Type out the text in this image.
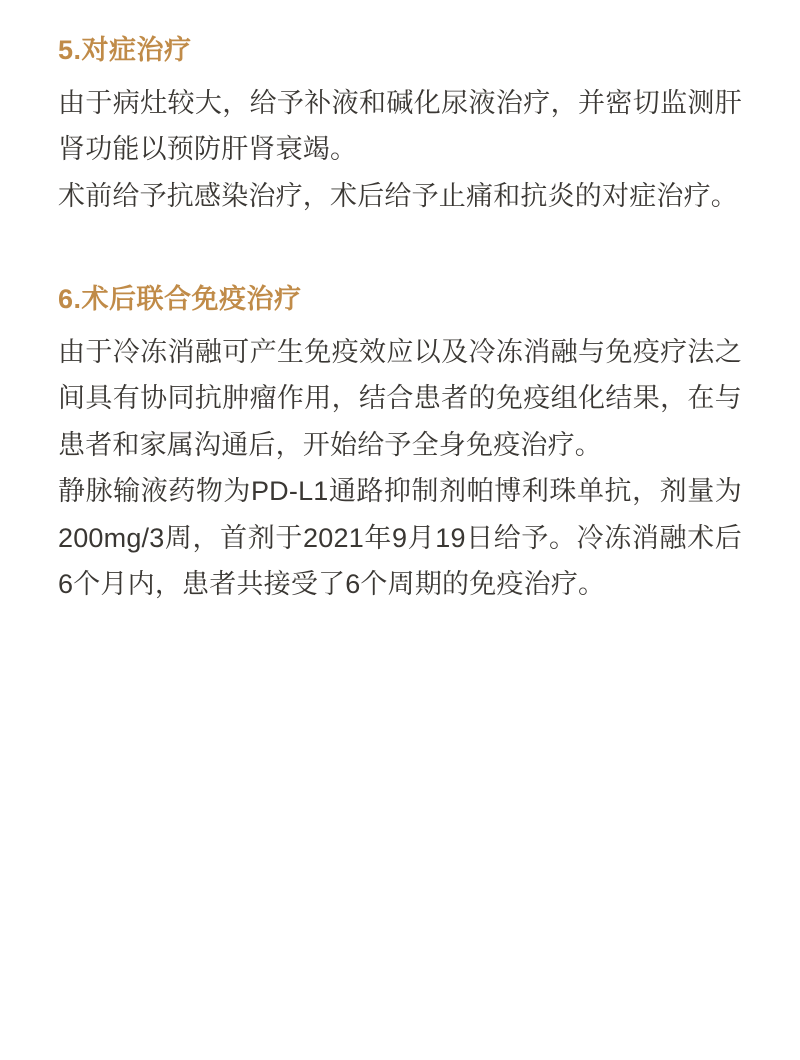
5.对症治疗

由于病灶较大，给予补液和碱化尿液治疗，并密切监测肝肾功能以预防肝肾衰竭。

术前给予抗感染治疗，术后给予止痛和抗炎的对症治疗。

6.术后联合免疫治疗

由于冷冻消融可产生免疫效应以及冷冻消融与免疫疗法之间具有协同抗肿瘤作用，结合患者的免疫组化结果，在与患者和家属沟通后，开始给予全身免疫治疗。

静脉输液药物为PD-L1通路抑制剂帕博利珠单抗，剂量为200mg/3周，首剂于2021年9月19日给予。冷冻消融术后6个月内，患者共接受了6个周期的免疫治疗。
